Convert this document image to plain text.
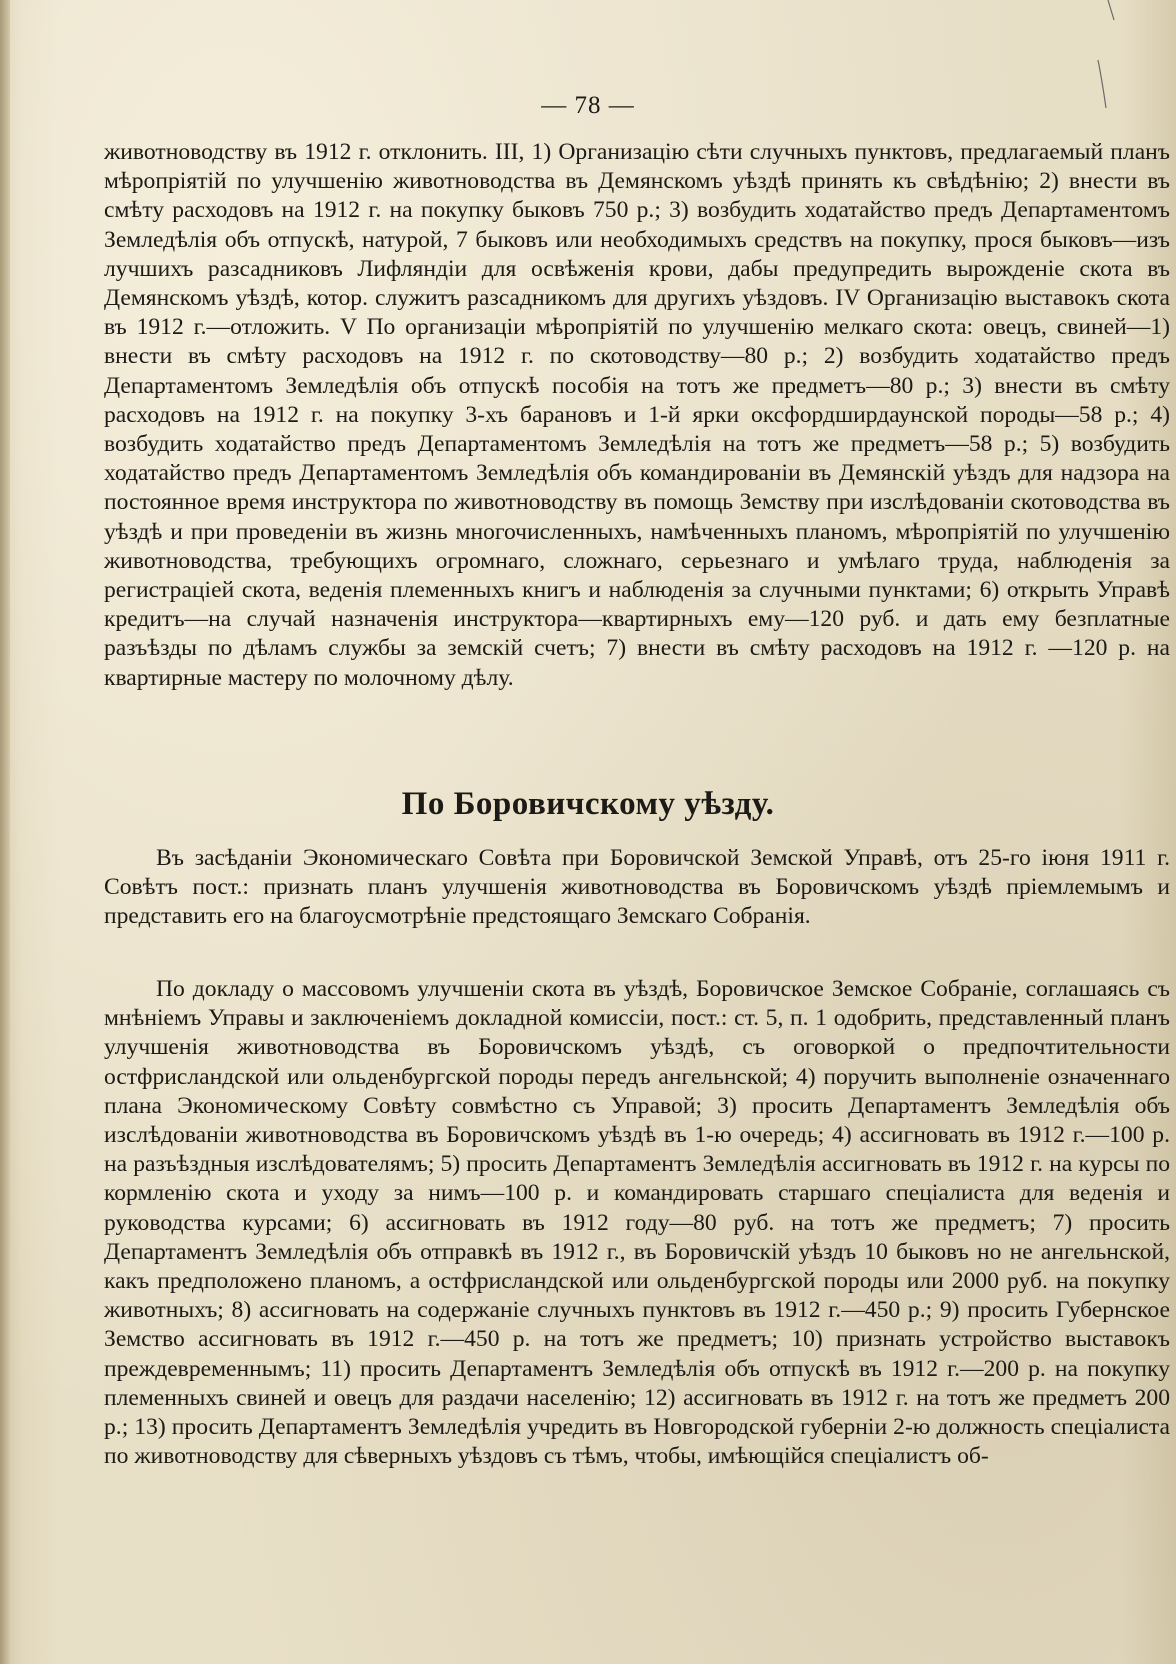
— 78 —

животноводству въ 1912 г. отклонить. III, 1) Организацію сѣти случныхъ пунктовъ, предлагаемый планъ мѣропріятій по улучшенію животноводства въ Демянскомъ уѣздѣ принять къ свѣдѣнію; 2) внести въ смѣту расходовъ на 1912 г. на покупку быковъ 750 р.; 3) возбудить ходатайство предъ Департаментомъ Земледѣлія объ отпускѣ, натурой, 7 быковъ или необходимыхъ средствъ на покупку, прося быковъ—изъ лучшихъ разсадниковъ Лифляндіи для освѣженія крови, дабы предупредить вырожденіе скота въ Демянскомъ уѣздѣ, котор. служитъ разсадникомъ для другихъ уѣздовъ. IV Организацію выставокъ скота въ 1912 г.—отложить. V По организаціи мѣропріятій по улучшенію мелкаго скота: овецъ, свиней—1) внести въ смѣту расходовъ на 1912 г. по скотоводству—80 р.; 2) возбудить ходатайство предъ Департаментомъ Земледѣлія объ отпускѣ пособія на тотъ же предметъ—80 р.; 3) внести въ смѣту расходовъ на 1912 г. на покупку 3-хъ барановъ и 1-й ярки оксфордширдаунской породы—58 р.; 4) возбудить ходатайство предъ Департаментомъ Земледѣлія на тотъ же предметъ—58 р.; 5) возбудить ходатайство предъ Департаментомъ Земледѣлія объ командированіи въ Демянскій уѣздъ для надзора на постоянное время инструктора по животноводству въ помощь Земству при изслѣдованіи скотоводства въ уѣздѣ и при проведеніи въ жизнь многочисленныхъ, намѣченныхъ планомъ, мѣропріятій по улучшенію животноводства, требующихъ огромнаго, сложнаго, серьезнаго и умѣлаго труда, наблюденія за регистраціей скота, веденія племенныхъ книгъ и наблюденія за случными пунктами; 6) открыть Управѣ кредитъ—на случай назначенія инструктора—квартирныхъ ему—120 руб. и дать ему безплатные разъѣзды по дѣламъ службы за земскій счетъ; 7) внести въ смѣту расходовъ на 1912 г. —120 р. на квартирные мастеру по молочному дѣлу.

По Боровичскому уѣзду.

Въ засѣданіи Экономическаго Совѣта при Боровичской Земской Управѣ, отъ 25-го іюня 1911 г. Совѣтъ пост.: признать планъ улучшенія животноводства въ Боровичскомъ уѣздѣ пріемлемымъ и представить его на благоусмотрѣніе предстоящаго Земскаго Собранія.

По докладу о массовомъ улучшеніи скота въ уѣздѣ, Боровичское Земское Собраніе, соглашаясь съ мнѣніемъ Управы и заключеніемъ докладной комиссіи, пост.: ст. 5, п. 1 одобрить, представленный планъ улучшенія животноводства въ Боровичскомъ уѣздѣ, съ оговоркой о предпочтительности остфрисландской или ольденбургской породы передъ ангельнской; 4) поручить выполненіе означеннаго плана Экономическому Совѣту совмѣстно съ Управой; 3) просить Департаментъ Земледѣлія объ изслѣдованіи животноводства въ Боровичскомъ уѣздѣ въ 1-ю очередь; 4) ассигновать въ 1912 г.—100 р. на разъѣздныя изслѣдователямъ; 5) просить Департаментъ Земледѣлія ассигновать въ 1912 г. на курсы по кормленію скота и уходу за нимъ—100 р. и командировать старшаго спеціалиста для веденія и руководства курсами; 6) ассигновать въ 1912 году—80 руб. на тотъ же предметъ; 7) просить Департаментъ Земледѣлія объ отправкѣ въ 1912 г., въ Боровичскій уѣздъ 10 быковъ но не ангельнской, какъ предположено планомъ, а остфрисландской или ольденбургской породы или 2000 руб. на покупку животныхъ; 8) ассигновать на содержаніе случныхъ пунктовъ въ 1912 г.—450 р.; 9) просить Губернское Земство ассигновать въ 1912 г.—450 р. на тотъ же предметъ; 10) признать устройство выставокъ преждевременнымъ; 11) просить Департаментъ Земледѣлія объ отпускѣ въ 1912 г.—200 р. на покупку племенныхъ свиней и овецъ для раздачи населенію; 12) ассигновать въ 1912 г. на тотъ же предметъ 200 р.; 13) просить Департаментъ Земледѣлія учредить въ Новгородской губерніи 2-ю должность спеціалиста по животноводству для сѣверныхъ уѣздовъ съ тѣмъ, чтобы, имѣющійся спеціалистъ об-
